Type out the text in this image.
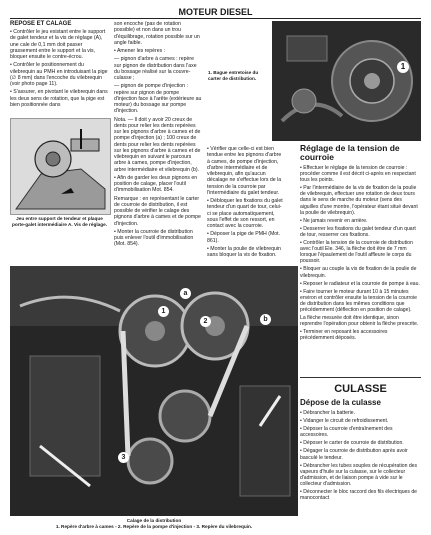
MOTEUR DIESEL
REPOSE ET CALAGE

• Contrôler le jeu existant entre le support de galet tendeur et la vis de réglage (A), une cale de 0,1 mm doit passer grassement entre le support et la vis, bloquer ensuite le contre-écrou.

• Contrôler le positionnement du vilebrequin au PMH en introduisant la pige (∅ 8 mm) dans l'encoche du vilebrequin (voir photo page 11).

• S'assurer, en pivotant le vilebrequin dans les deux sens de rotation, que la pige est bien positionnée dans

Jeu entre support de tendeur et plaque porte-galet intermédiaire A. Vis de réglage.

son encoche (pas de rotation possible) et non dans un trou d'équilibrage, rotation possible sur un angle faible.

• Amener les repères :

— pignon d'arbre à cames : repère sur pignon de distribution dans l'axe du bossage réalisé sur la couvre-culasse ;

— pignon de pompe d'injection : repère sur pignon de pompe d'injection face à l'arête (extérieure au moteur) du bossage sur pompe d'injection.

Nota. — Il doit y avoir 20 creux de dents pour relier les dents repérées sur les pignons d'arbre à cames et de pompe d'injection (a) ; 100 creux de dents pour relier les dents repérées sur les pignons d'arbre à cames et de vilebrequin en suivant le parcours arbre à cames, pompe d'injection, arbre intermédiaire et vilebrequin (b).

• Afin de garder les deux pignons en position de calage, placer l'outil d'immobilisation Mot. 854.

Remarque : en représentant le carter de courroie de distribution, il est possible de vérifier le calage des pignons d'arbre à cames et de pompe d'injection.

• Monter la courroie de distribution puis enlever l'outil d'immobilisation (Mot. 854).

1
1. Bague entretoise du carter de distribution.

• Vérifier que celle-ci est bien tendue entre les pignons d'arbre à cames, de pompe d'injection, d'arbre intermédiaire et de vilebrequin, afin qu'aucun décalage ne s'effectue lors de la tension de la courroie par l'intermédiaire du galet tendeur.

• Débloquer les fixations du galet tendeur d'un quart de tour, celui-ci se place automatiquement, sous l'effet de son ressort, en contact avec la courroie.

• Déposer la pige de PMH (Mot. 861).

• Monter la poulie de vilebrequin sans bloquer la vis de fixation.

Réglage de la tension de courroie

• Effectuer le réglage de la tension de courroie : procéder comme il est décrit ci-après en respectant tous les points.

• Par l'intermédiaire de la vis de fixation de la poulie de vilebrequin, effectuer une rotation de deux tours dans le sens de marche du moteur (sens des aiguilles d'une montre, l'opérateur étant situé devant la poulie de vilebrequin).

• Ne jamais revenir en arrière.

• Desserrer les fixations du galet tendeur d'un quart de tour, resserrer ces fixations.

• Contrôler la tension de la courroie de distribution avec l'outil Ele. 346, la flèche doit être de 7 mm lorsque l'épaulement de l'outil affleure le corps du poussoir.

• Bloquer au couple la vis de fixation de la poulie de vilebrequin.

• Reposer le radiateur et la courroie de pompe à eau.

• Faire tourner le moteur durant 10 à 15 minutes environ et contrôler ensuite la tension de la courroie de distribution dans les mêmes conditions que précédemment (déflection en position de calage).

La flèche mesurée doit être identique, sinon reprendre l'opération pour obtenir la flèche prescrite.

• Terminer en reposant les accessoires précédemment déposés.

a
1
2	b
3
Calage de la distribution
1. Repère d'arbre à cames - 2. Repère de la pompe d'injection - 3. Repère du vilebrequin.
CULASSE
Dépose de la culasse

• Débrancher la batterie.

• Vidanger le circuit de refroidissement.

• Déposer la courroie d'entraînement des accessoires.

• Déposer le carter de courroie de distribution.

• Dégager la courroie de distribution après avoir basculé le tendeur.

• Débrancher les tubes souples de récupération des vapeurs d'huile sur la culasse, sur le collecteur d'admission, et de liaison pompe à vide sur le collecteur d'admission.

• Déconnecter le bloc raccord des fils électriques de manocontact
